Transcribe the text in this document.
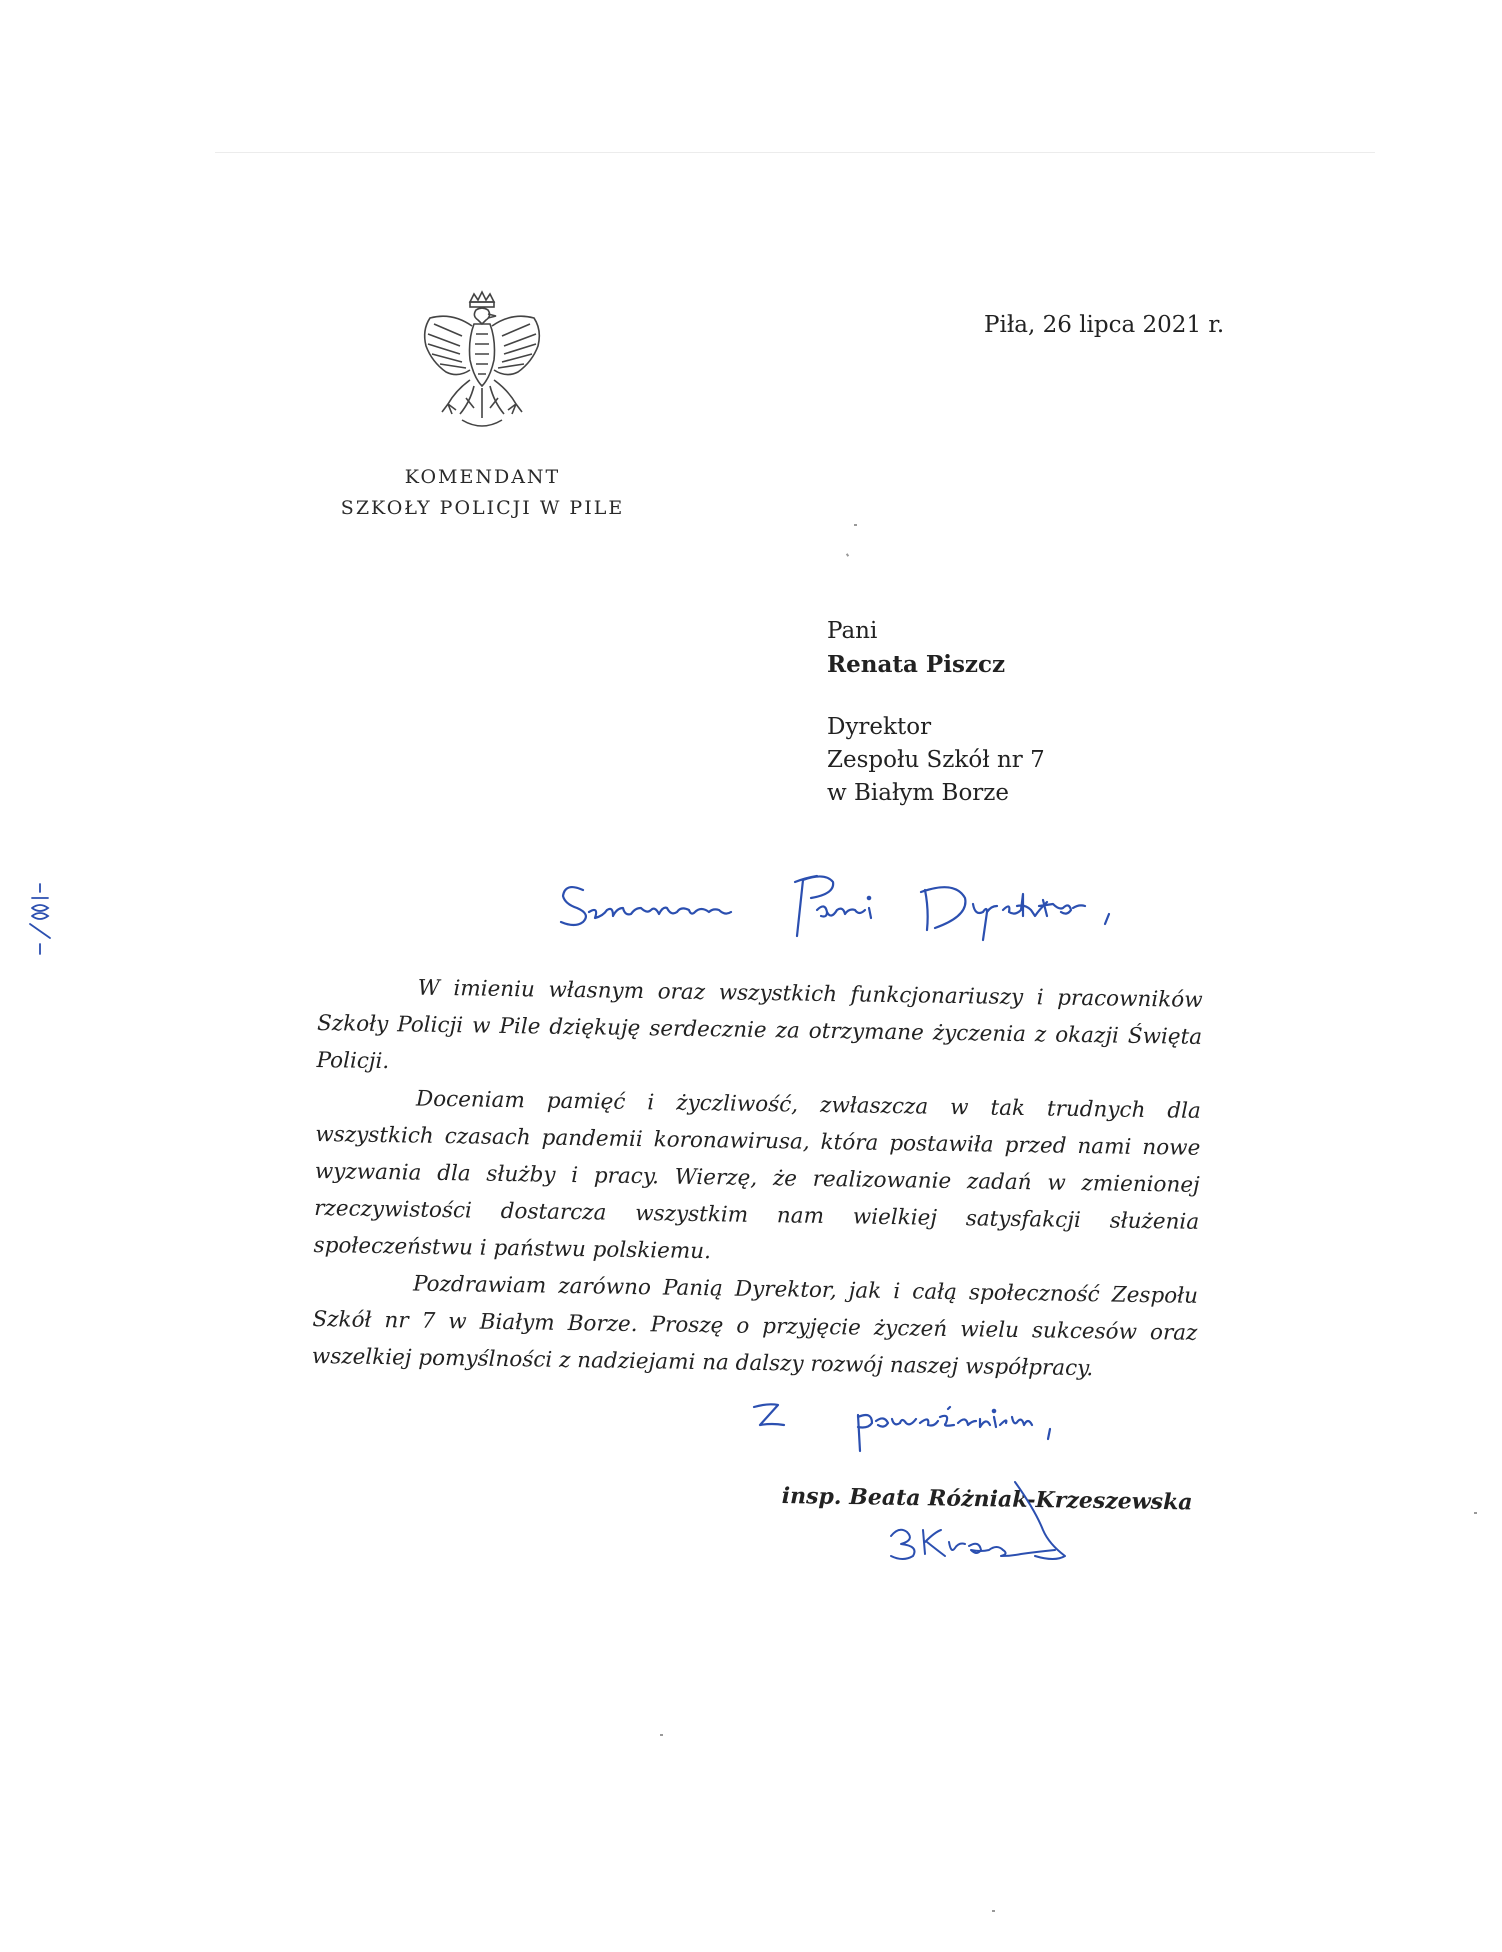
KOMENDANT
SZKOŁY POLICJI W PILE
Piła, 26 lipca 2021 r.
Pani
Renata Piszcz
Dyrektor
Zespołu Szkół nr 7
w Białym Borze

W imieniu własnym oraz wszystkich funkcjonariuszy i pracowników Szkoły Policji w Pile dziękuję serdecznie za otrzymane życzenia z okazji Święta Policji.

Doceniam pamięć i życzliwość, zwłaszcza w tak trudnych dla wszystkich czasach pandemii koronawirusa, która postawiła przed nami nowe wyzwania dla służby i pracy. Wierzę, że realizowanie zadań w zmienionej rzeczywistości dostarcza wszystkim nam wielkiej satysfakcji służenia społeczeństwu i państwu polskiemu.

Pozdrawiam zarówno Panią Dyrektor, jak i całą społeczność Zespołu Szkół nr 7 w Białym Borze. Proszę o przyjęcie życzeń wielu sukcesów oraz wszelkiej pomyślności z nadziejami na dalszy rozwój naszej współpracy.

insp. Beata Różniak-Krzeszewska
